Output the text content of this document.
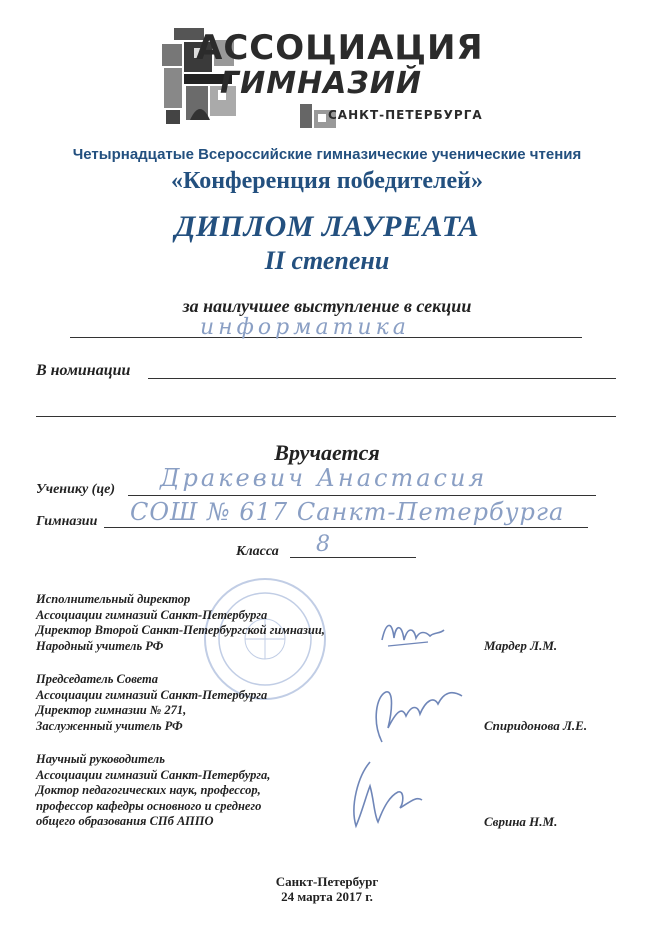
АССОЦИАЦИЯ
ГИМНАЗИЙ
САНКТ-ПЕТЕРБУРГА
Четырнадцатые Всероссийские гимназические ученические чтения
«Конференция победителей»
ДИПЛОМ ЛАУРЕАТА
II степени
за наилучшее выступление в секции
информатика
В номинации
Вручается
Ученику (це) Дракевич Анастасия
Гимназии СОШ № 617 Санкт-Петербурга
Класса 8
Исполнительный директор
Ассоциации гимназий Санкт-Петербурга
Директор Второй Санкт-Петербургской гимназии,
Народный учитель РФ	Мардер Л.М.
Председатель Совета
Ассоциации гимназий Санкт-Петербурга
Директор гимназии № 271,
Заслуженный учитель РФ	Спиридонова Л.Е.
Научный руководитель
Ассоциации гимназий Санкт-Петербурга,
Доктор педагогических наук, профессор,
профессор кафедры основного и среднего
общего образования СПб АППО	Сврина Н.М.
Санкт-Петербург
24 марта 2017 г.
